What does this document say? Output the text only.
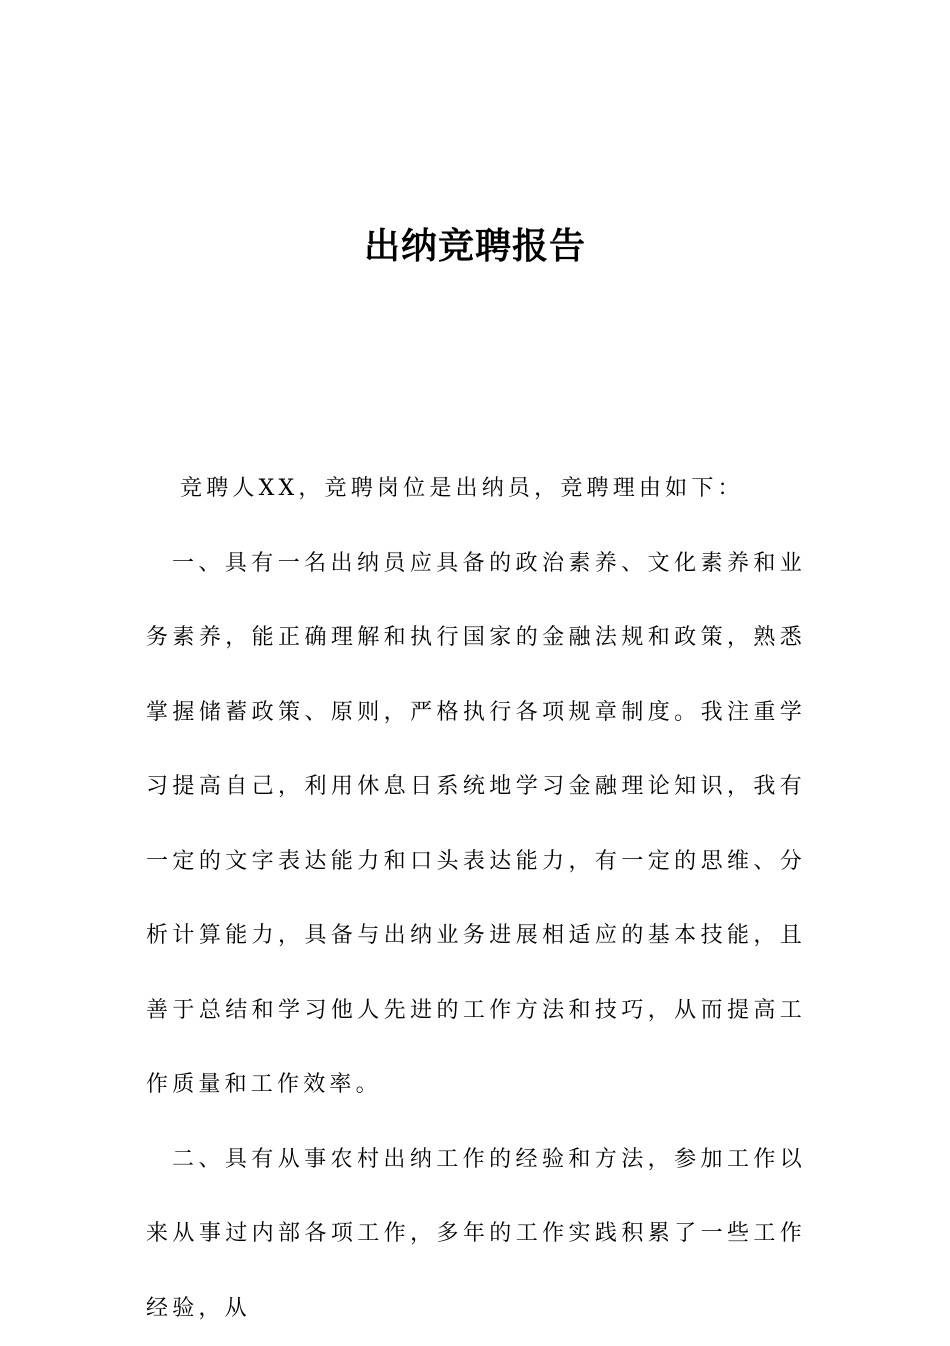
出纳竞聘报告

竞聘人XX，竞聘岗位是出纳员，竞聘理由如下：

一、具有一名出纳员应具备的政治素养、文化素养和业务素养，能正确理解和执行国家的金融法规和政策，熟悉掌握储蓄政策、原则，严格执行各项规章制度。我注重学习提高自己，利用休息日系统地学习金融理论知识，我有一定的文字表达能力和口头表达能力，有一定的思维、分析计算能力，具备与出纳业务进展相适应的基本技能，且善于总结和学习他人先进的工作方法和技巧，从而提高工作质量和工作效率。

二、具有从事农村出纳工作的经验和方法，参加工作以来从事过内部各项工作，多年的工作实践积累了一些工作经验，从
